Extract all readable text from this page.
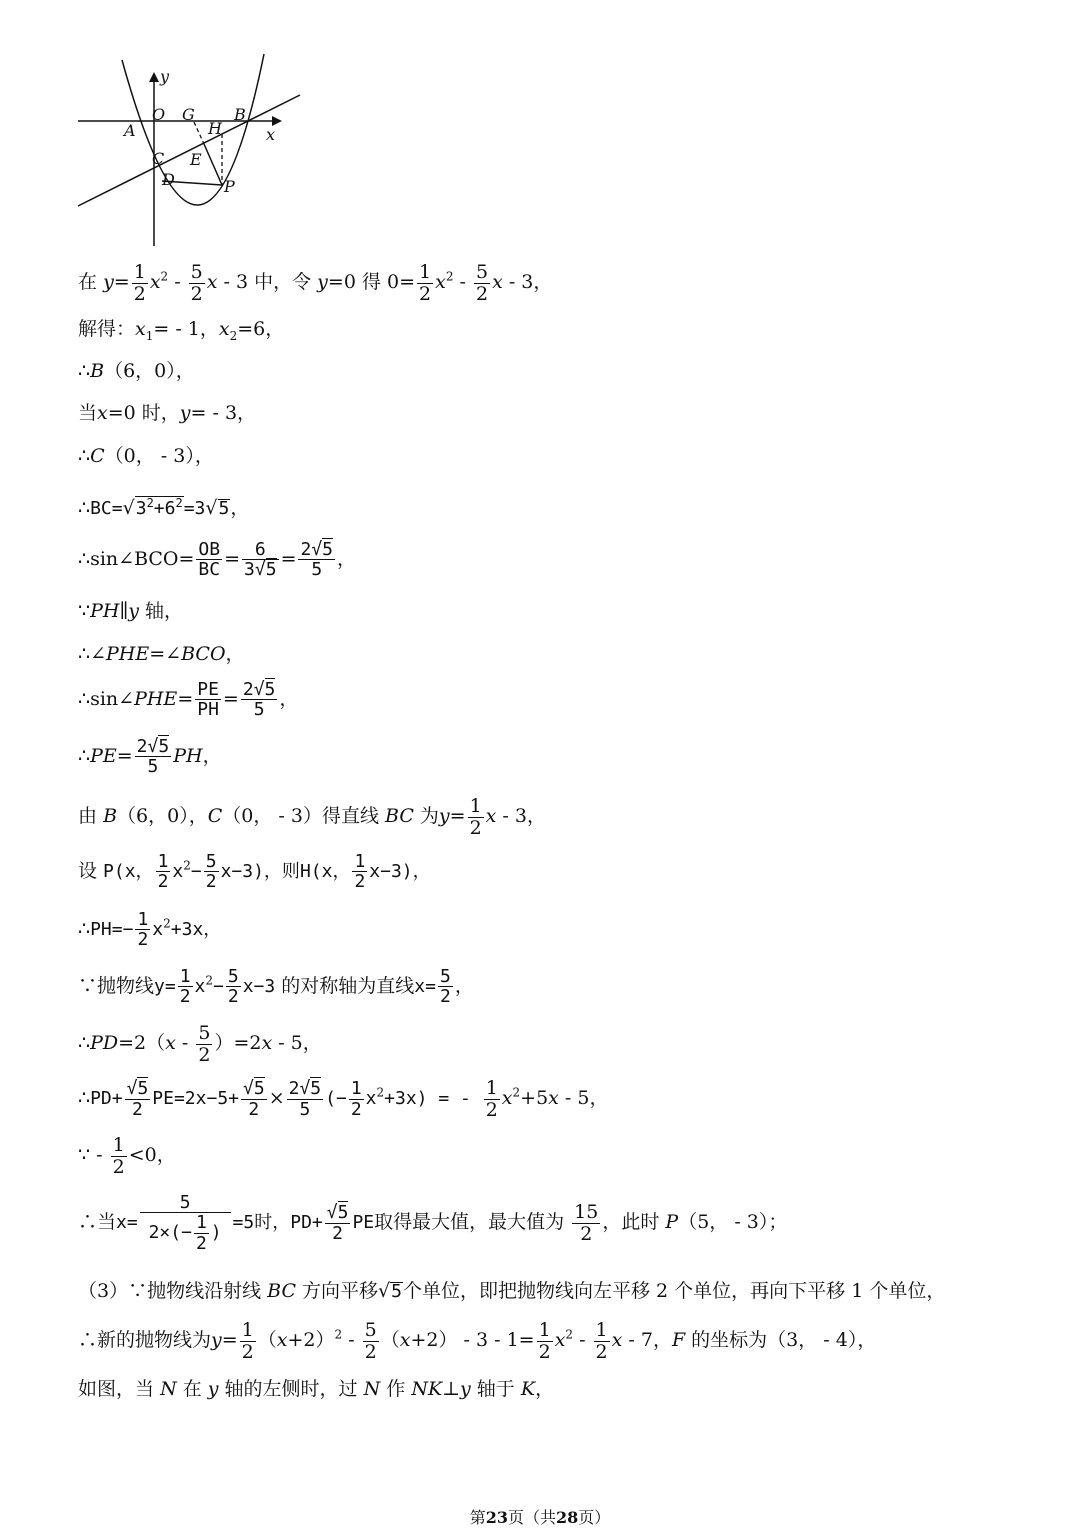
y
x
O G B
A	H
C E
D	P
在 $y= \frac{1}{2} x^2 - \frac{5}{2}$ x - 3 中，令 y=0 得 $0= \frac{1}{2} x^2 - \frac{5}{2}$ x - 3，
解得：$x_1= - 1$，$x_2=6$，
∴B（6，0），
当x=0 时，y= - 3，
∴C（0， - 3），
$\therefore BC=√3^2+6^2=3√5$，
∴sin∠BCO= $\frac{OB}{BC} = \frac{6}{3√5} = \frac{2√5}{5}$ ，
∵PH∥y 轴，
∴∠PHE=∠BCO，
∴sin∠PHE= $\frac{PE}{PH} = \frac{2√5}{5}$ ，
∴PE= $\frac{2√5}{5}$ PH，
由 B（6，0），C（0， - 3）得直线 BC 为$y= \frac{1}{2}$ x - 3，
设 P(x， $\frac{1}{2} x^2- \frac{5}{2} x-3$)，则H(x， $\frac{1}{2} x-3$)，
∴PH=− $\frac{1}{2} x^2+3x$，
∵抛物线$y= \frac{1}{2} x^2- \frac{5}{2} x-3$ 的对称轴为直线$x= \frac{5}{2}$ ，
∴PD=2（x - $\frac{5}{2} )=2x - 5$，
∴PD+ $\frac{√5}{2} PE=2x-5+ \frac{√5}{2} \times \frac{2√5}{5}$ (− $\frac{1}{2} x^2+3x$) = - $\frac{1}{2} x^2+5x - 5$，
∵ - $\frac{1}{2} <0$，
∴当$x= \frac{5}{2\times(- \frac{1}{2} )} =5$时，$PD+ \frac{√5}{2}$ PE取得最大值，最大值为 $\frac{15}{2}$ ，此时 P（5， - 3）；
（3）∵抛物线沿射线 BC 方向平移√5个单位，即把抛物线向左平移 2 个单位，再向下平移 1 个单位，
∴新的抛物线为$y= \frac{1}{2} (x+2)^2 - \frac{5}{2} (x+2) - 3 - 1= \frac{1}{2} x^2 - \frac{1}{2}$ x - 7，F 的坐标为（3， - 4），
如图，当 N 在 y 轴的左侧时，过 N 作 NK⊥y 轴于 K，
第23页（共28页）
